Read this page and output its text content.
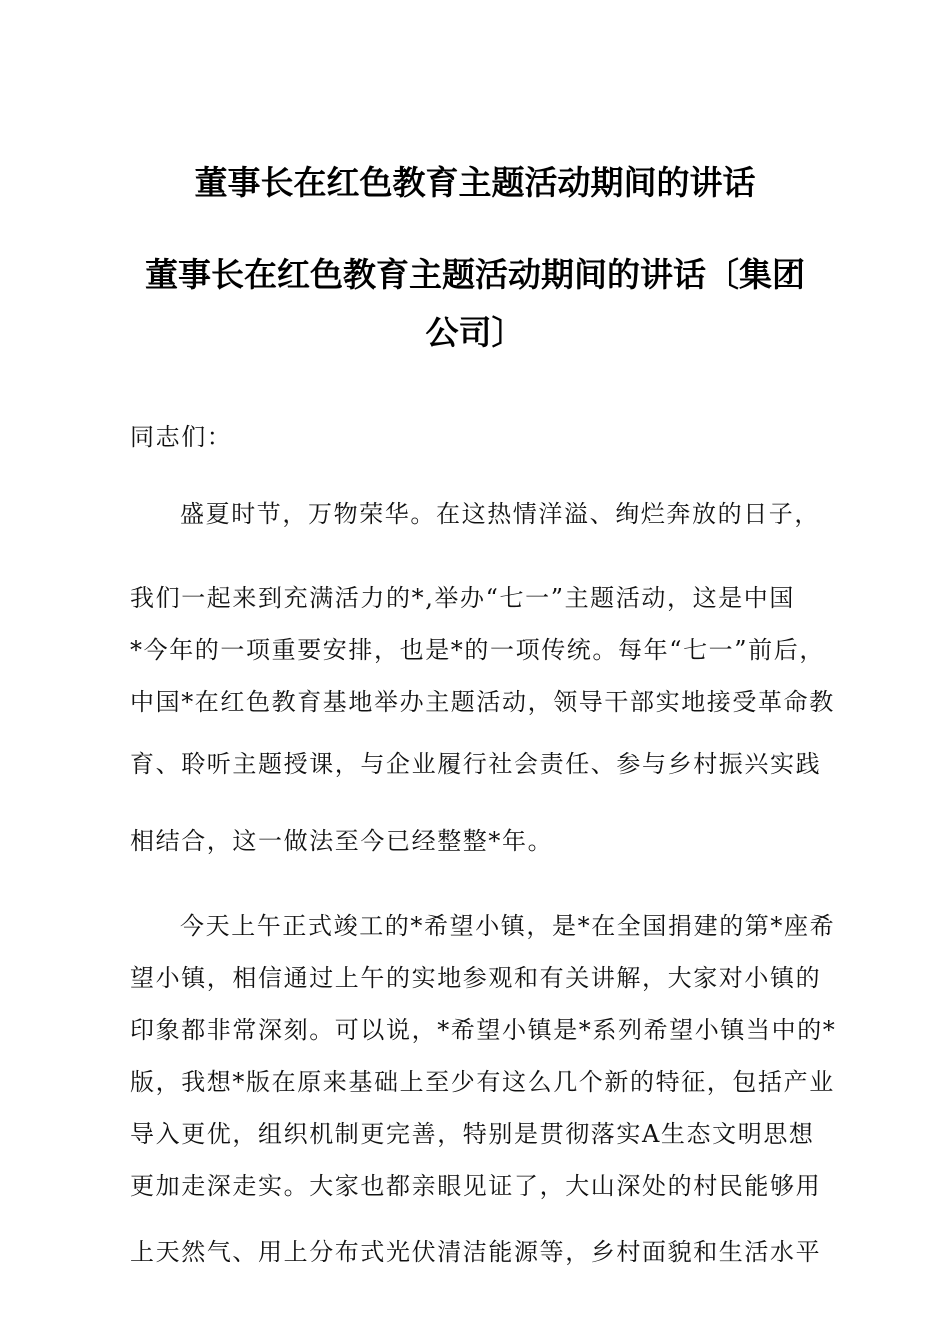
董事长在红色教育主题活动期间的讲话
董事长在红色教育主题活动期间的讲话〔集团
公司〕
同志们：
盛夏时节，万物荣华。在这热情洋溢、绚烂奔放的日子，
我们一起来到充满活力的*,举办“七一”主题活动，这是中国
*今年的一项重要安排，也是*的一项传统。每年“七一”前后，
中国*在红色教育基地举办主题活动，领导干部实地接受革命教
育、聆听主题授课，与企业履行社会责任、参与乡村振兴实践
相结合，这一做法至今已经整整*年。
今天上午正式竣工的*希望小镇，是*在全国捐建的第*座希
望小镇，相信通过上午的实地参观和有关讲解，大家对小镇的
印象都非常深刻。可以说，*希望小镇是*系列希望小镇当中的*
版，我想*版在原来基础上至少有这么几个新的特征，包括产业
导入更优，组织机制更完善，特别是贯彻落实A生态文明思想
更加走深走实。大家也都亲眼见证了，大山深处的村民能够用
上天然气、用上分布式光伏清洁能源等，乡村面貌和生活水平
